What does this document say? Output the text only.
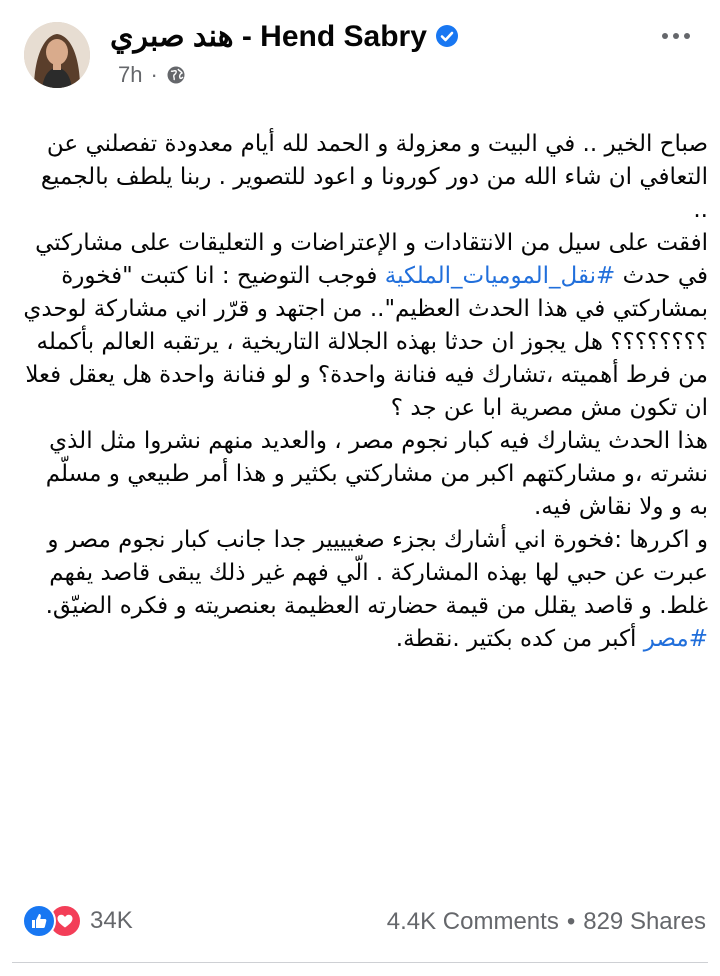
هند صبري - Hend Sabry
7h ·

صباح الخير .. في البيت و معزولة و الحمد لله أيام معدودة تفصلني عن التعافي ان شاء الله من دور كورونا و اعود للتصوير . ربنا يلطف بالجميع ..

افقت على سيل من الانتقادات و الإعتراضات و التعليقات على مشاركتي في حدث #نقل_الموميات_الملكية فوجب التوضيح : انا كتبت "فخورة بمشاركتي في هذا الحدث العظيم".. من اجتهد و قرّر اني مشاركة لوحدي ؟؟؟؟؟؟؟؟ هل يجوز ان حدثا بهذه الجلالة التاريخية ، يرتقبه العالم بأكمله من فرط أهميته ،تشارك فيه فنانة واحدة؟ و لو فنانة واحدة هل يعقل فعلا ان تكون مش مصرية ابا عن جد ؟

هذا الحدث يشارك فيه كبار نجوم مصر ، والعديد منهم نشروا مثل الذي نشرته ،و مشاركتهم اكبر من مشاركتي بكثير و هذا أمر طبيعي و مسلّم به و ولا نقاش فيه.

و اكررها :فخورة اني أشارك بجزء صغيييير جدا جانب كبار نجوم مصر و عبرت عن حبي لها بهذه المشاركة . الّي فهم غير ذلك يبقى قاصد يفهم غلط. و قاصد يقلل من قيمة حضارته العظيمة بعنصريته و فكره الضيّق.

#مصر أكبر من كده بكتير .نقطة.

34K	4.4K Comments • 829 Shares
